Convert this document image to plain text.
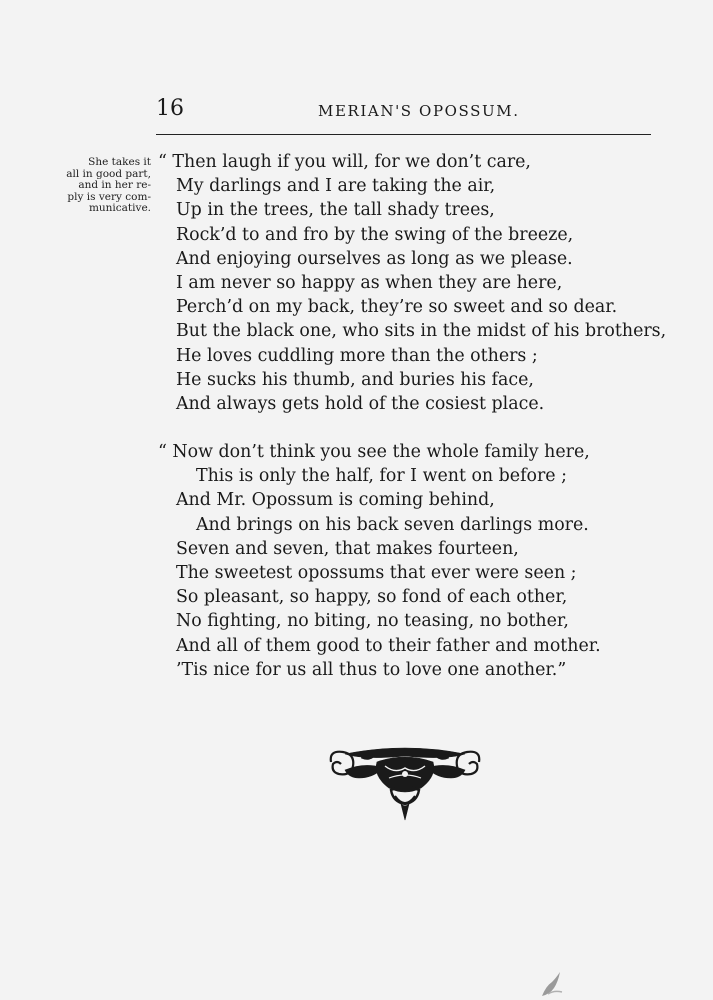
16	MERIAN'S OPOSSUM.
She takes it
all in good part,
and in her re-
ply is very com-
municative.
“ Then laugh if you will, for we don’t care,
My darlings and I are taking the air,
Up in the trees, the tall shady trees,
Rock’d to and fro by the swing of the breeze,
And enjoying ourselves as long as we please.
I am never so happy as when they are here,
Perch’d on my back, they’re so sweet and so dear.
But the black one, who sits in the midst of his brothers,
He loves cuddling more than the others ;
He sucks his thumb, and buries his face,
And always gets hold of the cosiest place.
“ Now don’t think you see the whole family here,
This is only the half, for I went on before ;
And Mr. Opossum is coming behind,
And brings on his back seven darlings more.
Seven and seven, that makes fourteen,
The sweetest opossums that ever were seen ;
So pleasant, so happy, so fond of each other,
No fighting, no biting, no teasing, no bother,
And all of them good to their father and mother.
’Tis nice for us all thus to love one another.”
